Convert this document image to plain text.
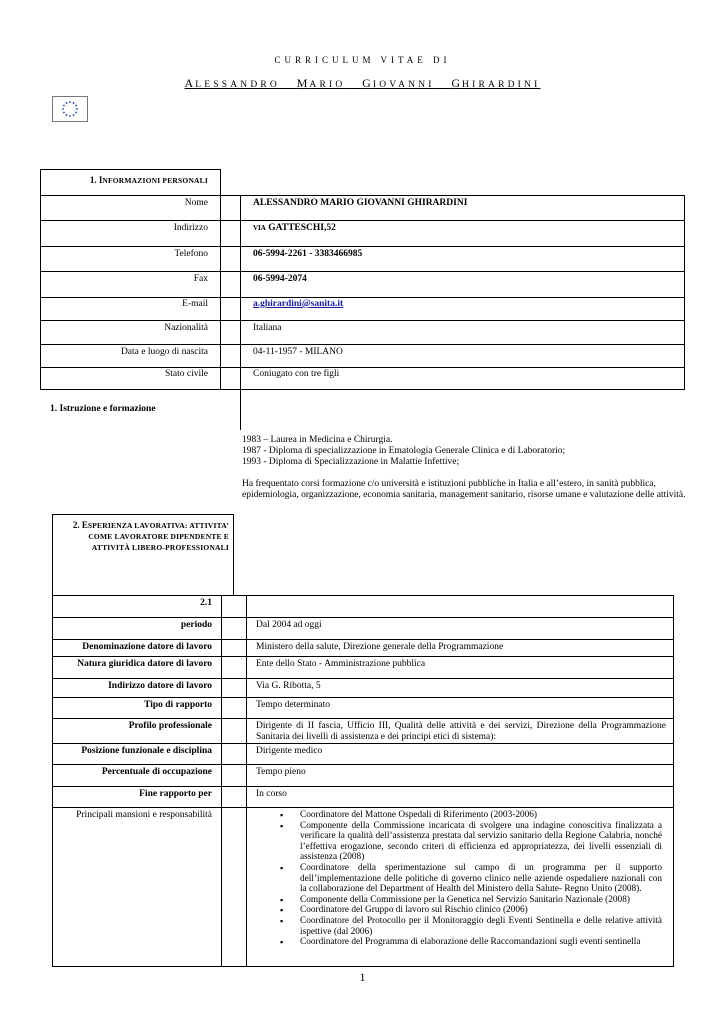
CURRICULUM VITAE DI
ALESSANDRO MARIO GIOVANNI GHIRARDINI
1. INFORMAZIONI PERSONALI
Nome	ALESSANDRO MARIO GIOVANNI GHIRARDINI
Indirizzo	via GATTESCHI,52
Telefono	06-5994-2261 - 3383466985
Fax	06-5994-2074
E-mail	a.ghirardini@sanita.it
Nazionalità	Italiana
Data e luogo di nascita	04-11-1957 - MILANO
Stato civile	Coniugato con tre figli
1. Istruzione e formazione
1983 – Laurea in Medicina e Chirurgia.
1987 - Diploma di specializzazione in Ematologia Generale Clinica e di Laboratorio;
1993 - Diploma di Specializzazione in Malattie Infettive;
Ha frequentato corsi formazione c/o università e istituzioni pubbliche in Italia e all’estero, in sanità pubblica, epidemiologia, organizzazione, economia sanitaria, management sanitario, risorse umane e valutazione delle attività.
2. ESPERIENZA LAVORATIVA: ATTIVITA’ COME LAVORATORE DIPENDENTE E ATTIVITÀ LIBERO-PROFESSIONALI
2.1
periodo	Dal 2004 ad oggi
Denominazione datore di lavoro	Ministero della salute, Direzione generale della Programmazione
Natura giuridica datore di lavoro	Ente dello Stato - Amministrazione pubblica
Indirizzo datore di lavoro	Via G. Ribotta, 5
Tipo di rapporto	Tempo determinato
Profilo professionale	Dirigente di II fascia, Ufficio III, Qualità delle attività e dei servizi, Direzione della Programmazione Sanitaria dei livelli di assistenza e dei principi etici di sistema):
Posizione funzionale e disciplina	Dirigente medico
Percentuale di occupazione	Tempo pieno
Fine rapporto per	In corso
Principali mansioni e responsabilità
▪	Coordinatore del Mattone Ospedali di Riferimento (2003-2006)
▪ Componente della Commissione incaricata di svolgere una indagine conoscitiva finalizzata a verificare la qualità dell’assistenza prestata dal servizio sanitario della Regione Calabria, nonché l’effettiva erogazione, secondo criteri di efficienza ed appropriatezza, dei livelli essenziali di assistenza (2008)
▪ Coordinatore della sperimentazione sul campo di un programma per il supporto dell’implementazione delle politiche di governo clinico nelle aziende ospedaliere nazionali con la collaborazione del Department of Health del Ministero della Salute- Regno Unito (2008).
▪ Componente della Commissione per la Genetica nel Servizio Sanitario Nazionale (2008)
▪ Coordinatore del Gruppo di lavoro sul Rischio clinico (2006)
▪ Coordinatore del Protocollo per il Monitoraggio degli Eventi Sentinella e delle relative attività ispettive (dal 2006)
▪ Coordinatore del Programma di elaborazione delle Raccomandazioni sugli eventi sentinella
1
